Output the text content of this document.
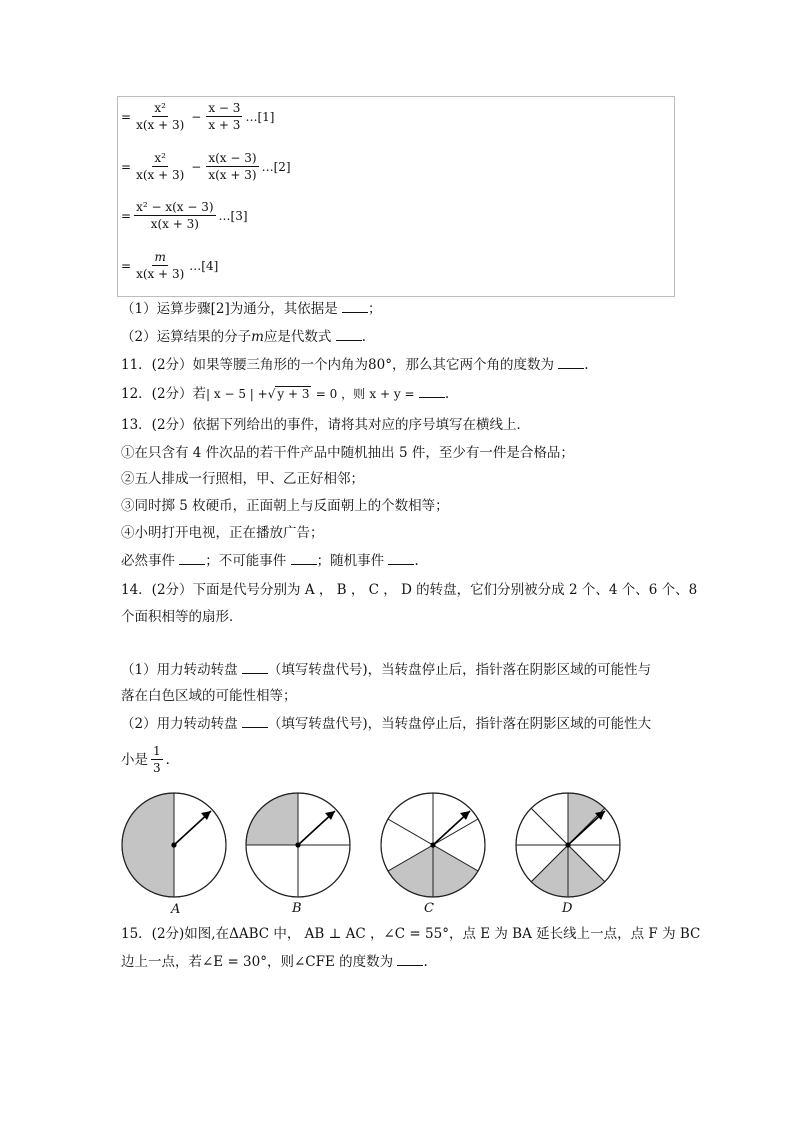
= $\frac{\text{x²}}{x(x + 3)} - \frac{x - 3}{x + 3}$ …[1]
= $\frac{\text{x²}}{x(x + 3)} - \frac{x(x - 3)}{x(x + 3)}$ …[2]
= $\frac{\text{x² − x(x − 3)}}{x(x + 3)}$ …[3]
= $\frac{m}{x(x + 3)}$ …[4]
（1）运算步骤[2]为通分，其依据是 ；
（2）运算结果的分子m应是代数式 .
11．(2分）如果等腰三角形的一个内角为80°，那么其它两个角的度数为 .
12．(2分）若| x − 5 | +√ y + 3 = 0 ，则 x + y = .
13．(2分）依据下列给出的事件，请将其对应的序号填写在横线上．
①在只含有 4 件次品的若干件产品中随机抽出 5 件，至少有一件是合格品；
②五人排成一行照相，甲、乙正好相邻；
③同时掷 5 枚硬币，正面朝上与反面朝上的个数相等；
④小明打开电视，正在播放广告；
必然事件 ；不可能事件 ；随机事件 .
14．(2分）下面是代号分别为 A ， B ， C ， D 的转盘，它们分别被分成 2 个、4 个、6 个、8
个面积相等的扇形．
（1）用力转动转盘 （填写转盘代号)，当转盘停止后，指针落在阴影区域的可能性与
落在白色区域的可能性相等；
（2）用力转动转盘 （填写转盘代号)，当转盘停止后，指针落在阴影区域的可能性大
小是 $\frac{1}{3}$ ．
A	B	C	D
15．(2分)如图,在ΔABC 中， AB ⊥ AC ，∠C = 55°，点 E 为 BA 延长线上一点，点 F 为 BC
边上一点，若∠E = 30°，则∠CFE 的度数为 .
